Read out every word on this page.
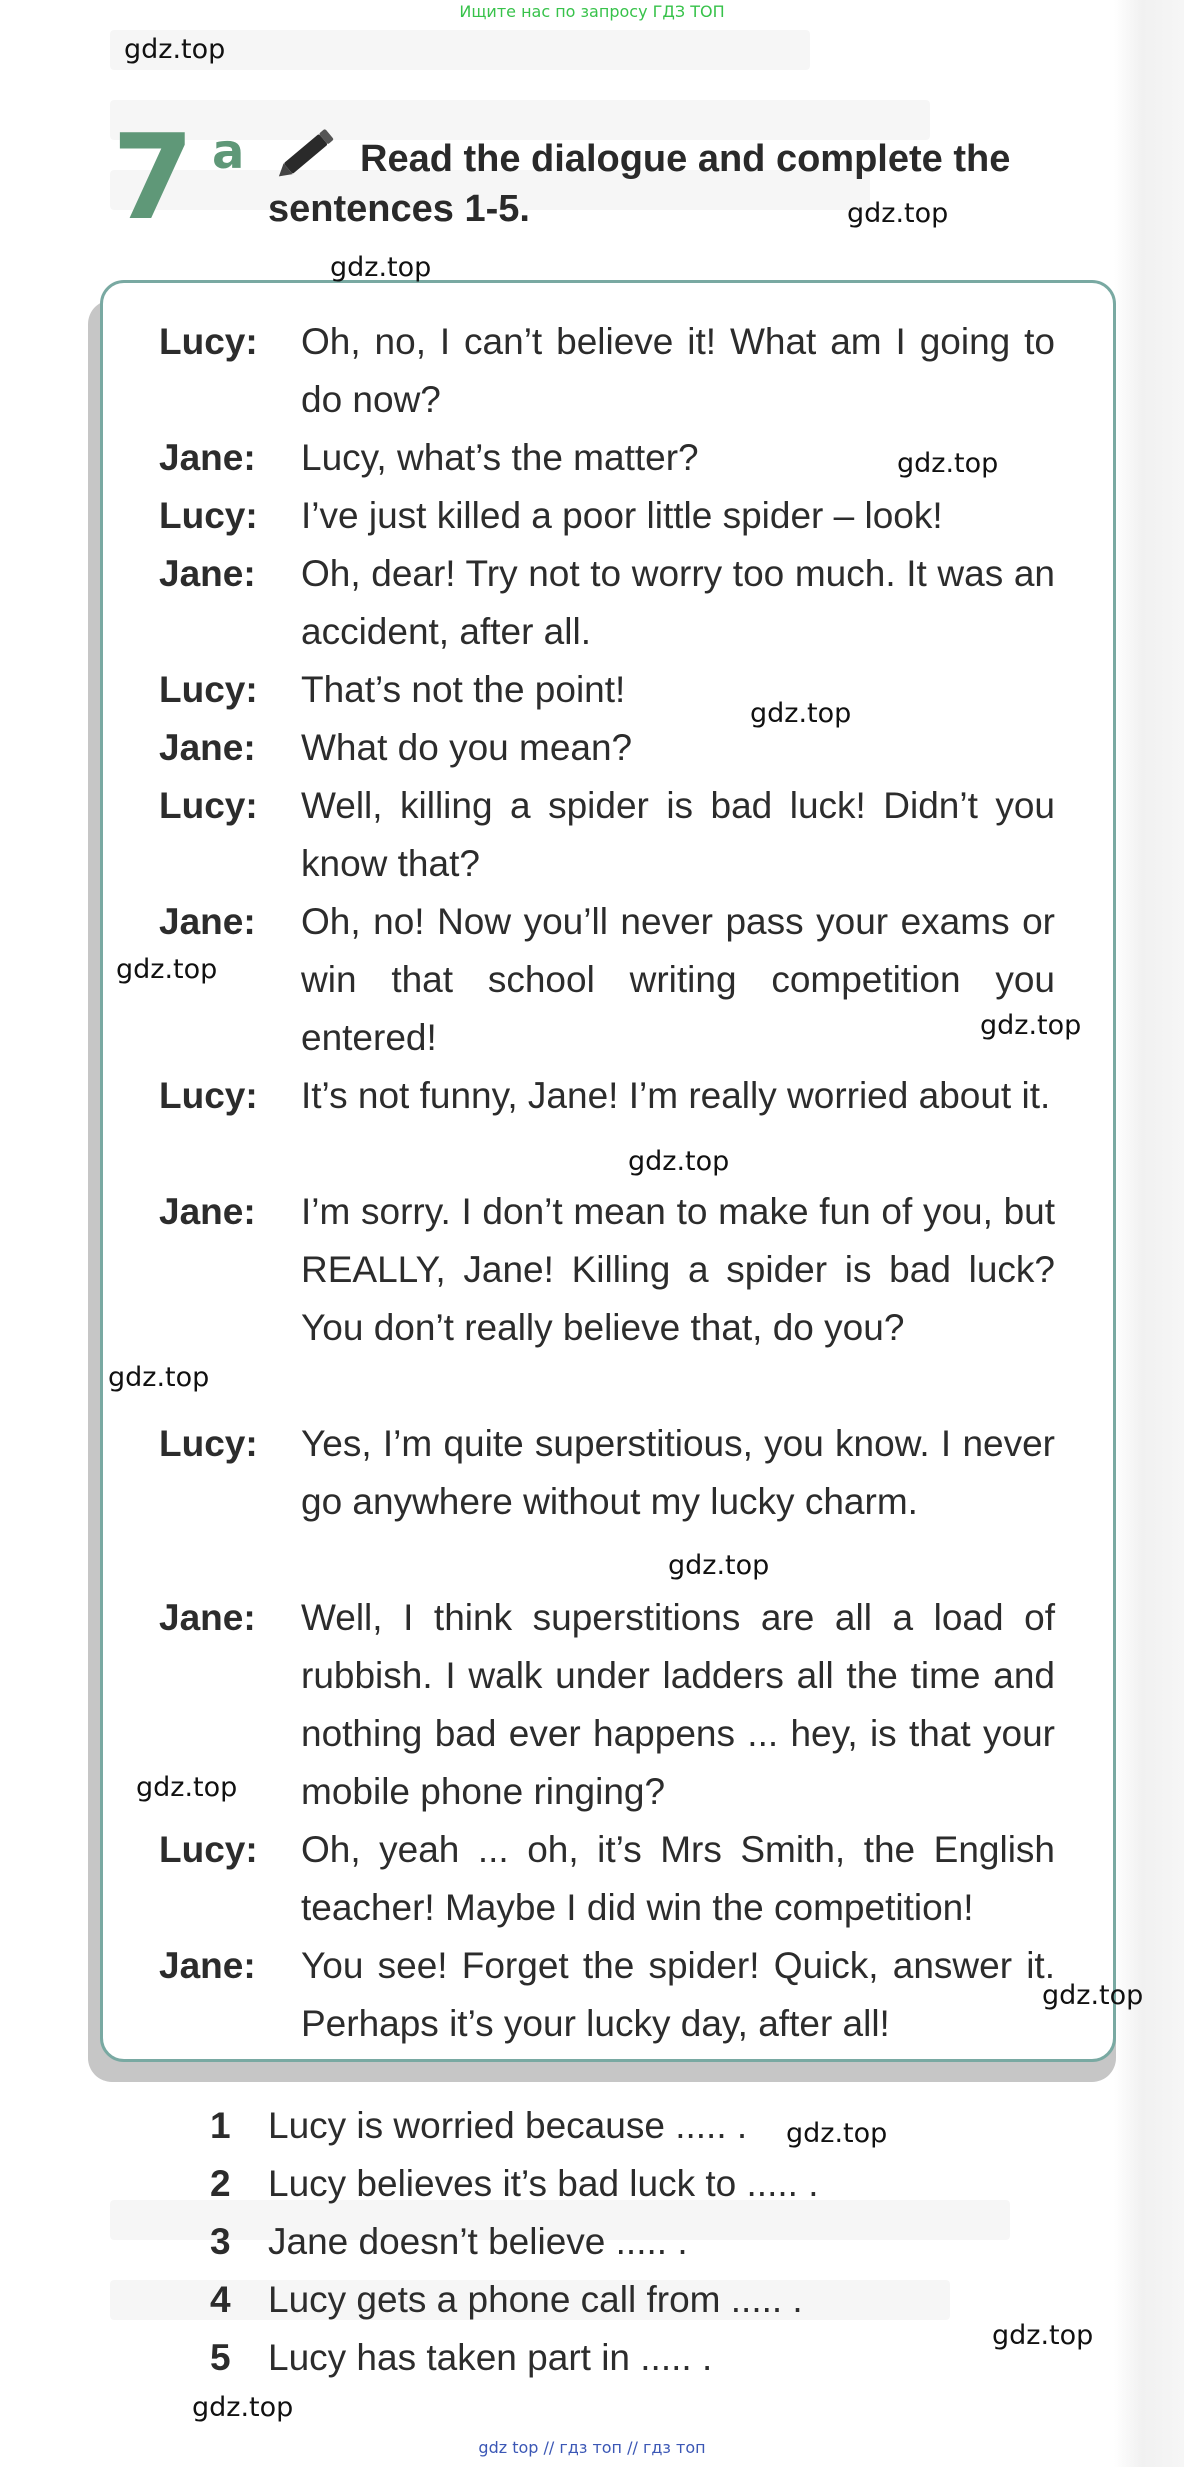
Ищите нас по запросу ГДЗ ТОП
7 a	Read the dialogue and complete the
sentences 1-5.
Lucy: Oh, no, I can’t believe it! What am I going to do now?
Jane: Lucy, what’s the matter?
Lucy: I’ve just killed a poor little spider – look!
Jane: Oh, dear! Try not to worry too much. It was an accident, after all.
Lucy: That’s not the point!
Jane: What do you mean?
Lucy: Well, killing a spider is bad luck! Didn’t you know that?
Jane: Oh, no! Now you’ll never pass your exams or win that school writing competition you entered!
Lucy: It’s not funny, Jane! I’m really worried about it.
Jane: I’m sorry. I don’t mean to make fun of you, but REALLY, Jane! Killing a spider is bad luck? You don’t really believe that, do you?
Lucy: Yes, I’m quite superstitious, you know. I never go anywhere without my lucky charm.
Jane: Well, I think superstitions are all a load of rubbish. I walk under ladders all the time and nothing bad ever happens ... hey, is that your mobile phone ringing?
Lucy: Oh, yeah ... oh, it’s Mrs Smith, the English teacher! Maybe I did win the competition!
Jane: You see! Forget the spider! Quick, answer it. Perhaps it’s your lucky day, after all!
1 Lucy is worried because ..... .
2 Lucy believes it’s bad luck to ..... .
3 Jane doesn’t believe ..... .
4 Lucy gets a phone call from ..... .
5 Lucy has taken part in ..... .
gdz.top
gdz.top
gdz.top
gdz.top
gdz.top
gdz.top
gdz.top
gdz.top
gdz.top
gdz.top
gdz.top
gdz.top
gdz.top
gdz.top
gdz.top
gdz top // гдз топ // гдз топ
